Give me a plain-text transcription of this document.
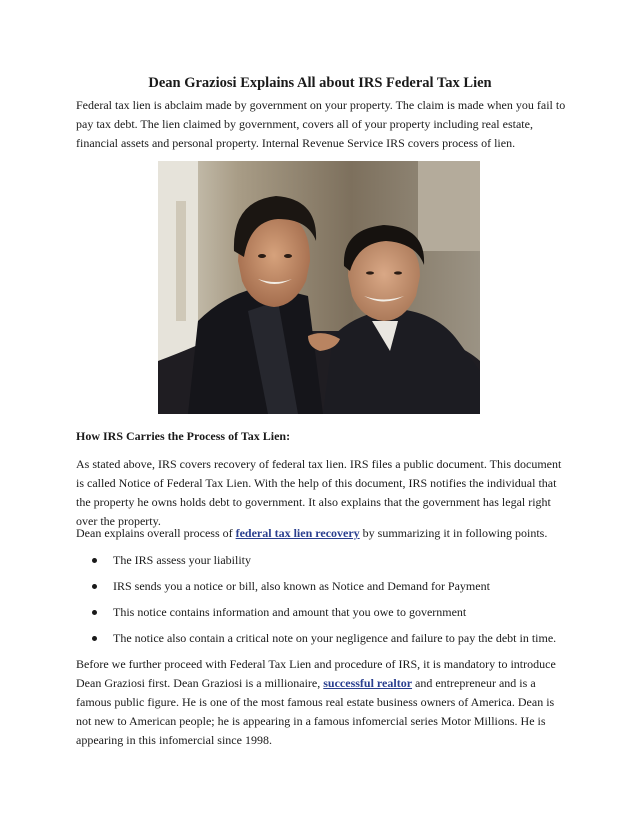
Dean Graziosi Explains All about IRS Federal Tax Lien

Federal tax lien is abclaim made by government on your property. The claim is made when you fail to pay tax debt. The lien claimed by government, covers all of your property including real estate, financial assets and personal property. Internal Revenue Service IRS covers process of lien.

How IRS Carries the Process of Tax Lien:

As stated above, IRS covers recovery of federal tax lien. IRS files a public document. This document is called Notice of Federal Tax Lien. With the help of this document, IRS notifies the individual that the property he owns holds debt to government. It also explains that the government has legal right over the property.

Dean explains overall process of federal tax lien recovery by summarizing it in following points.

The IRS assess your liability
IRS sends you a notice or bill, also known as Notice and Demand for Payment
This notice contains information and amount that you owe to government
The notice also contain a critical note on your negligence and failure to pay the debt in time.

Before we further proceed with Federal Tax Lien and procedure of IRS, it is mandatory to introduce Dean Graziosi first. Dean Graziosi is a millionaire, successful realtor and entrepreneur and is a famous public figure. He is one of the most famous real estate business owners of America. Dean is not new to American people; he is appearing in a famous infomercial series Motor Millions. He is appearing in this infomercial since 1998.
